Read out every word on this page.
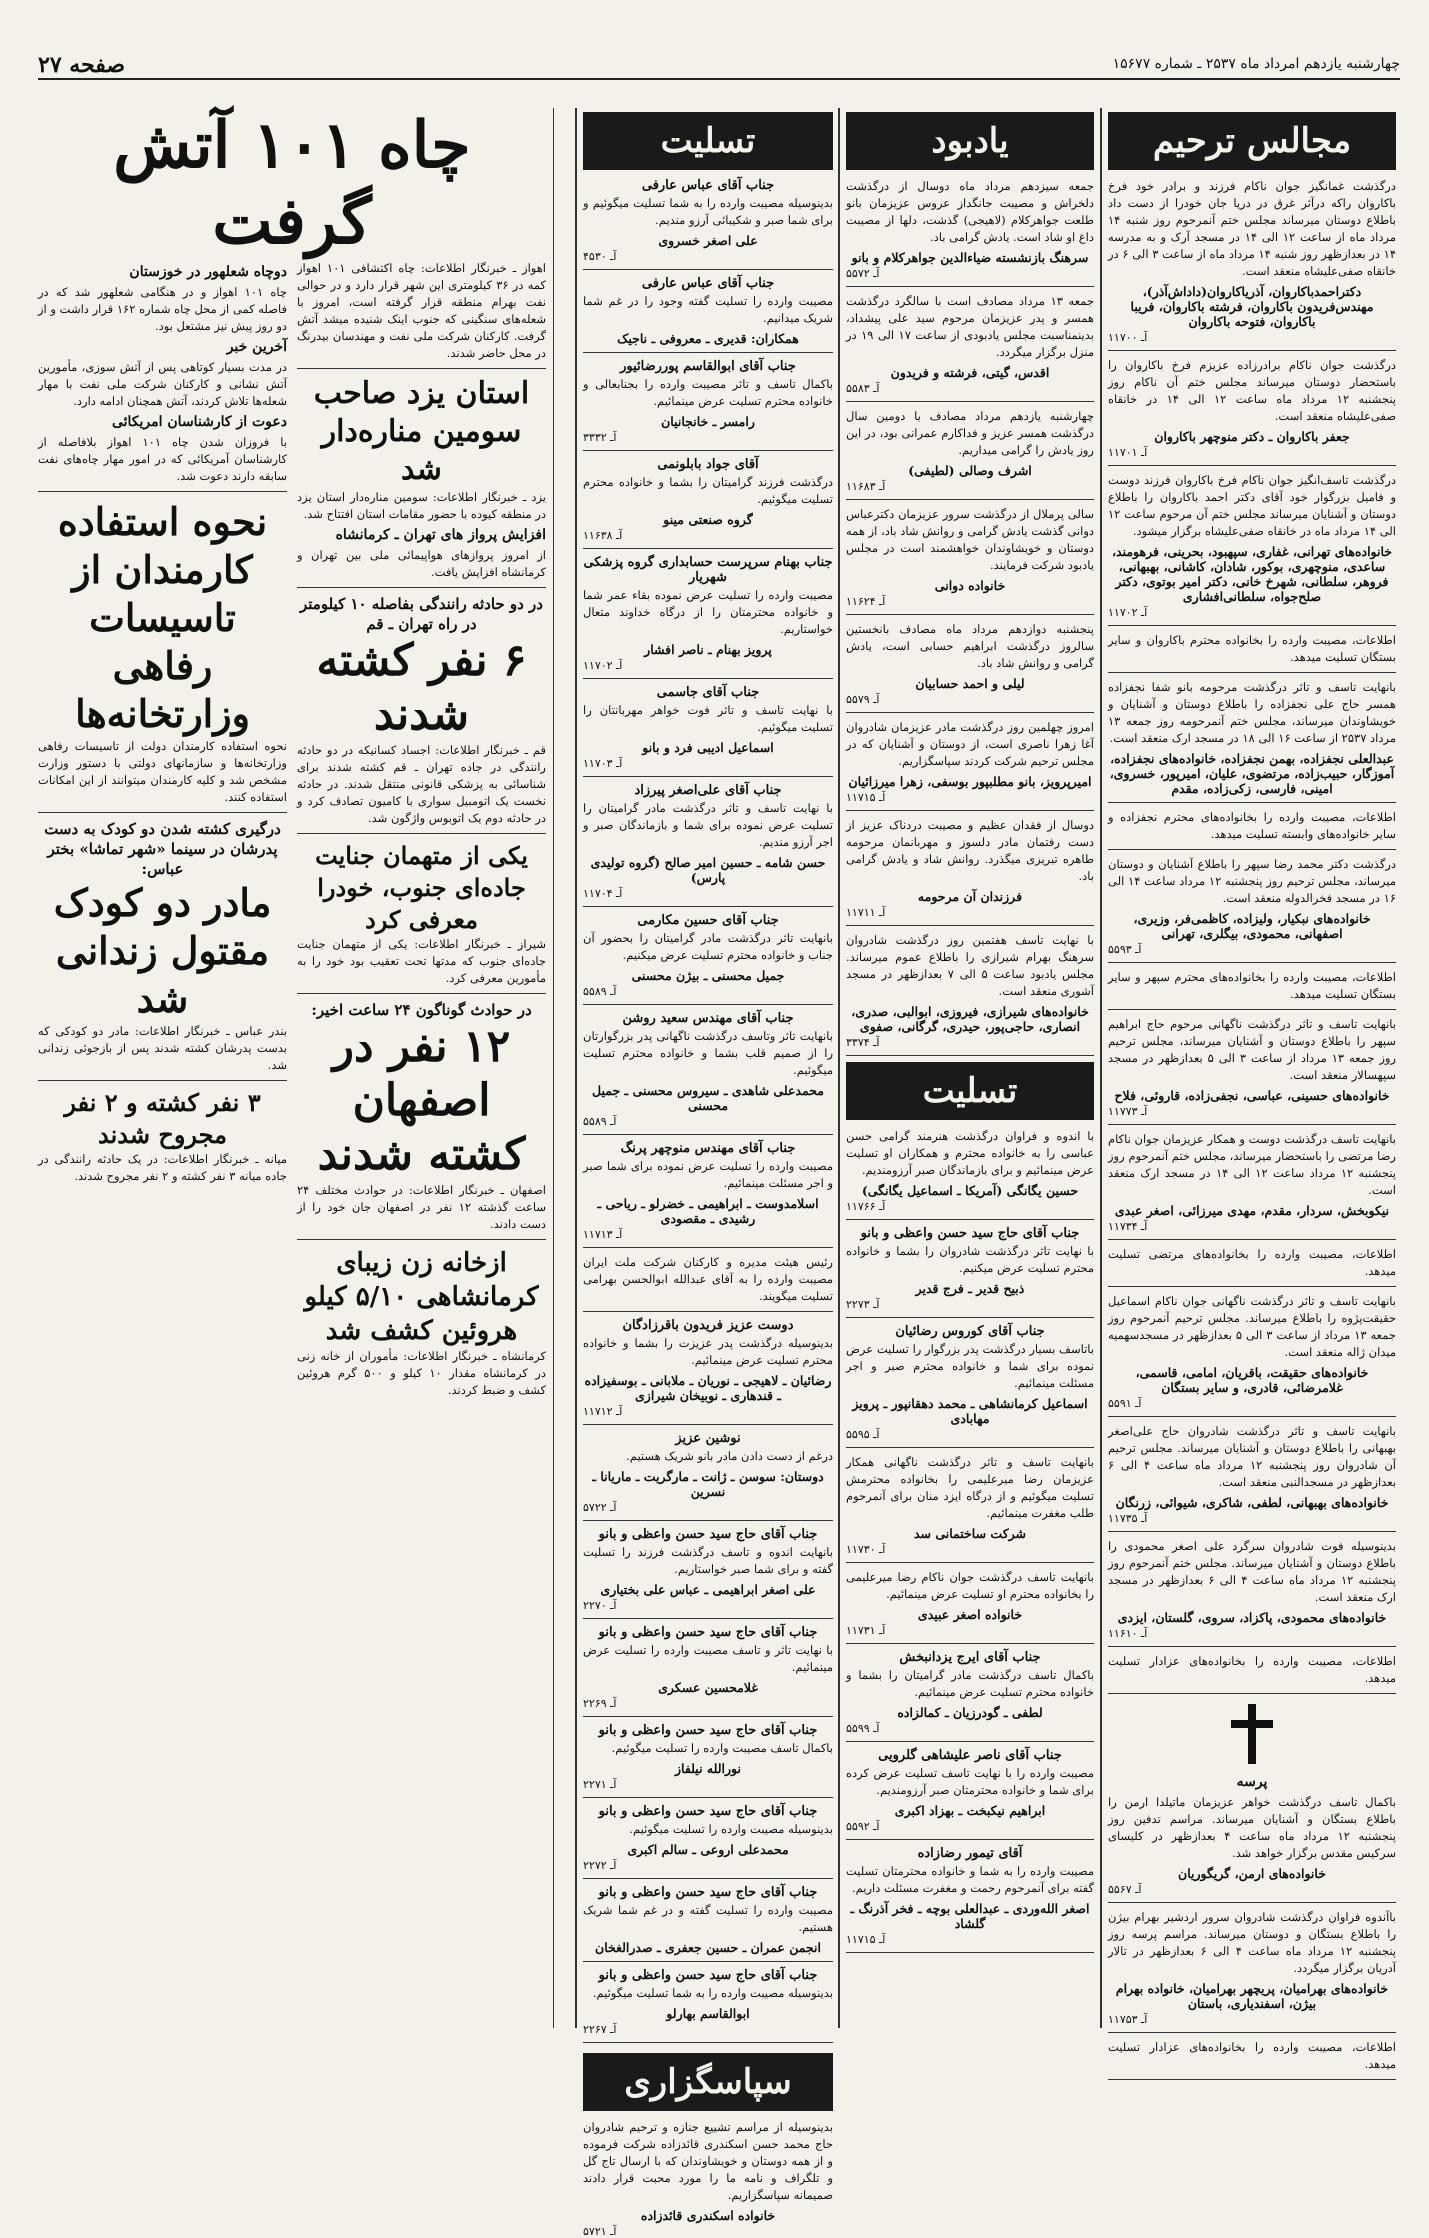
صفحه ۲۷	چهارشنبه یازدهم امرداد ماه ۲۵۳۷ ـ شماره ۱۵۶۷۷
مجالس ترحیم
درگذشت غمانگیز جوان ناکام فرزند و برادر خود فرخ باکاروان راکه درآثر غرق در دریا جان خودرا از دست داد باطلاع دوستان میرساند مجلس ختم آنمرحوم روز شنبه ۱۴ مرداد ماه از ساعت ۱۲ الی ۱۴ در مسجد آرک و به مدرسه ۱۴ در بعدازظهر روز شنبه ۱۴ مرداد ماه از ساعت ۳ الی ۶ در خانقاه صفی‌علیشاه منعقد است.
دکتراحمدباکاروان، آذریاکاروان(داداش‌آذر)، مهندس‌فریدون باکاروان، فرشته باکاروان، فریبا باکاروان، فتوحه باکاروان
آـ ۱۱۷۰۰
درگذشت جوان ناکام برادرزاده عزیزم فرخ باکاروان را باستحضار دوستان میرساند مجلس ختم آن ناکام روز پنجشنبه ۱۲ مرداد ماه ساعت ۱۲ الی ۱۴ در خانقاه صفی‌علیشاه منعقد است.
جعفر باکاروان ـ دکتر منوچهر باکاروان
آـ ۱۱۷۰۱
درگذشت تاسف‌انگیز جوان ناکام فرخ باکاروان فرزند دوست و فامیل بزرگوار خود آقای دکتر احمد باکاروان را باطلاع دوستان و آشنایان میرساند مجلس ختم آن مرحوم ساعت ۱۲ الی ۱۴ مرداد ماه در خانقاه صفی‌علیشاه برگزار میشود.
خانواده‌های تهرانی، غفاری، سپهبود، بحرینی، فرهومند، ساعدی، منوچهری، بوکور، شادان، کاشانی، بهبهانی، فروهر، سلطانی، شهرخ خانی، دکتر امیر بوتوی، دکتر صلح‌جواه، سلطانی‌افشاری
آـ ۱۱۷۰۲
اطلاعات، مصیبت وارده را بخانواده محترم باکاروان و سایر بستگان تسلیت میدهد.
بانهایت تاسف و تاثر درگذشت مرحومه بانو شفا نجفزاده همسر حاج علی نجفزاده را باطلاع دوستان و آشنایان و خویشاوندان میرساند، مجلس ختم آنمرحومه روز جمعه ۱۳ مرداد ۲۵۳۷ از ساعت ۱۶ الی ۱۸ در مسجد ارک منعقد است.
عبدالعلی نجفزاده، بهمن نجفزاده، خانواده‌های نجفزاده، آموزگار، حبیب‌زاده، مرتضوی، علیان، امیرپور، خسروی، امینی، فارسی، زکی‌زاده، مقدم
اطلاعات، مصیبت وارده را بخانواده‌های محترم نجفزاده و سایر خانواده‌های وابسته تسلیت میدهد.
درگذشت دکتر محمد رضا سپهر را باطلاع آشنایان و دوستان میرساند، مجلس ترحیم روز پنجشنبه ۱۲ مرداد ساعت ۱۴ الی ۱۶ در مسجد فخرالدوله منعقد است.
خانواده‌های نبکیار، ولیزاده، کاظمی‌فر، وزیری، اصفهانی، محمودی، بیگلری، تهرانی
آـ ۵۵۹۳
اطلاعات، مصیبت وارده را بخانواده‌های محترم سپهر و سایر بستگان تسلیت میدهد.
بانهایت تاسف و تاثر درگذشت ناگهانی مرحوم حاج ابراهیم سپهر را باطلاع دوستان و آشنایان میرساند، مجلس ترحیم روز جمعه ۱۳ مرداد از ساعت ۳ الی ۵ بعدازظهر در مسجد سپهسالار منعقد است.
خانواده‌های حسینی، عباسی، نجفی‌زاده، قاروئی، فلاح
آـ ۱۱۷۷۳
بانهایت تاسف درگذشت دوست و همکار عزیزمان جوان ناکام رضا مرتضی را باستحضار میرساند، مجلس ختم آنمرحوم روز پنجشنبه ۱۲ مرداد ساعت ۱۲ الی ۱۴ در مسجد ارک منعقد است.
نیکوبخش، سردار، مقدم، مهدی میرزائی، اصغر عبدی
آـ ۱۱۷۳۴
اطلاعات، مصیبت وارده را بخانواده‌های مرتضی تسلیت میدهد.
بانهایت تاسف و تاثر درگذشت ناگهانی جوان ناکام اسماعیل حقیقت‌پژوه را باطلاع میرساند. مجلس ترحیم آنمرحوم روز جمعه ۱۳ مرداد از ساعت ۳ الی ۵ بعدازظهر در مسجدسهمیه میدان ژاله منعقد است.
خانواده‌های حقیقت، باقریان، امامی، قاسمی، غلامرضائی، قادری، و سایر بستگان
آـ ۵۵۹۱
بانهایت تاسف و تاثر درگذشت شادروان حاج علی‌اصغر بهبهانی را باطلاع دوستان و آشنایان میرساند. مجلس ترحیم آن شادروان روز پنجشنبه ۱۲ مرداد ماه ساعت ۴ الی ۶ بعدازظهر در مسجدالنبی منعقد است.
خانواده‌های بهبهانی، لطفی، شاکری، شیوائی، زرنگان
آـ ۱۱۷۳۵
بدینوسیله فوت شادروان سرگرد علی اصغر محمودی را باطلاع دوستان و آشنایان میرساند. مجلس ختم آنمرحوم روز پنجشنبه ۱۲ مرداد ماه ساعت ۴ الی ۶ بعدازظهر در مسجد ارک منعقد است.
خانواده‌های محمودی، پاکزاد، سروی، گلستان، ایزدی
آـ ۱۱۶۱۰
اطلاعات، مصیبت وارده را بخانواده‌های عزادار تسلیت میدهد.
پرسه
باکمال تاسف درگذشت خواهر عزیزمان ماتیلدا ارمن را باطلاع بستگان و آشنایان میرساند. مراسم تدفین روز پنجشنبه ۱۲ مرداد ماه ساعت ۴ بعدازظهر در کلیسای سرکیس مقدس برگزار خواهد شد.
خانواده‌های ارمن، گریگوریان
آـ ۵۵۶۷
باآندوه فراوان درگذشت شادروان سرور اردشیر بهرام بیژن را باطلاع بستگان و دوستان میرساند. مراسم پرسه روز پنجشنبه ۱۲ مرداد ماه ساعت ۴ الی ۶ بعدازظهر در تالار آدریان برگزار میگردد.
خانواده‌های بهرامیان، پریچهر بهرامیان، خانواده بهرام بیژن، اسفندیاری، باستان
آـ ۱۱۷۵۳
اطلاعات، مصیبت وارده را بخانواده‌های عزادار تسلیت میدهد.
یادبود
جمعه سیزدهم مرداد ماه دوسال از درگذشت دلخراش و مصیبت جانگداز عروس عزیزمان بانو طلعت جواهرکلام (لاهیجی) گذشت، دلها از مصیبت داغ او شاد است. یادش گرامی باد.
سرهنگ بازنشسته ضیاءالدین جواهرکلام و بانو
آـ ۵۵۷۲
جمعه ۱۳ مرداد مصادف است با سالگرد درگذشت همسر و پدر عزیزمان مرحوم سید علی پیشداد، بدینمناسبت مجلس یادبودی از ساعت ۱۷ الی ۱۹ در منزل برگزار میگردد.
اقدس، گیتی، فرشته و فریدون
آـ ۵۵۸۳
چهارشنبه یازدهم مرداد مصادف با دومین سال درگذشت همسر عزیز و فداکارم عمرانی بود، در این روز یادش را گرامی میداریم.
اشرف وصالی (لطیفی)
آـ ۱۱۶۸۳
سالی پرملال از درگذشت سرور عزیزمان دکترعباس دوانی گذشت یادش گرامی و روانش شاد باد، از همه دوستان و خویشاوندان خواهشمند است در مجلس یادبود شرکت فرمایند.
خانواده دوانی
آـ ۱۱۶۲۴
پنجشنبه دوازدهم مرداد ماه مصادف بانخستین سالروز درگذشت ابراهیم حسابی است، یادش گرامی و روانش شاد باد.
لیلی و احمد حسابیان
آـ ۵۵۷۹
امروز چهلمین روز درگذشت مادر عزیزمان شادروان آغا زهرا ناصری است، از دوستان و آشنایان که در مجلس ترحیم شرکت کردند سپاسگزاریم.
امیرپرویز، بانو مطلبپور بوسفی، زهرا میرزائیان
آـ ۱۱۷۱۵
دوسال از فقدان عظیم و مصیبت دردناک عزیز از دست رفتمان مادر دلسوز و مهربانمان مرحومه طاهره تبریزی میگذرد. روانش شاد و یادش گرامی باد.
فرزندان آن مرحومه
آـ ۱۱۷۱۱
با نهایت تاسف هفتمین روز درگذشت شادروان سرهنگ بهرام شیرازی را باطلاع عموم میرساند. مجلس یادبود ساعت ۵ الی ۷ بعدازظهر در مسجد آشوری منعقد است.
خانواده‌های شیرازی، فیروزی، ابوالبی، صدری، انصاری، حاجی‌پور، حیدری، گرگانی، صفوی
آـ ۳۳۷۴
تسلیت
با اندوه و فراوان درگذشت هنرمند گرامی حسن عباسی را به خانواده محترم و همکاران او تسلیت عرض مینمائیم و برای بازماندگان صبر آرزومندیم.
حسین یگانگی (آمریکا ـ اسماعیل یگانگی)
آـ ۱۱۷۶۶
جناب آقای حاج سید حسن واعظی و بانو
با نهایت تاثر درگذشت شادروان را بشما و خانواده محترم تسلیت عرض میکنیم.
ذبیح قدیر ـ فرج قدیر
آـ ۲۲۷۳
جناب آقای کوروس رضائیان
باتاسف بسیار درگذشت پدر بزرگوار را تسلیت عرض نموده برای شما و خانواده محترم صبر و اجر مسئلت مینمائیم.
اسماعیل کرمانشاهی ـ محمد دهقانپور ـ پرویز مهابادی
آـ ۵۵۹۵
بانهایت تاسف و تاثر درگذشت ناگهانی همکار عزیزمان رضا میرعلیمی را بخانواده محترمش تسلیت میگوئیم و از درگاه ایزد منان برای آنمرحوم طلب مغفرت مینمائیم.
شرکت ساختمانی سد
آـ ۱۱۷۳۰
بانهایت تاسف درگذشت جوان ناکام رضا میرعلیمی را بخانواده محترم او تسلیت عرض مینمائیم.
خانواده اصغر عبیدی
آـ ۱۱۷۳۱
جناب آقای ایرج یزدانبخش
باکمال تاسف درگذشت مادر گرامیتان را بشما و خانواده محترم تسلیت عرض مینمائیم.
لطفی ـ گودرزیان ـ کمالزاده
آـ ۵۵۹۹
جناب آقای ناصر علیشاهی گلرویی
مصیبت وارده را با نهایت تاسف تسلیت عرض کرده برای شما و خانواده محترمتان صبر آرزومندیم.
ابراهیم نیکبخت ـ بهزاد اکبری
آـ ۵۵۹۲
آقای تیمور رضازاده
مصیبت وارده را به شما و خانواده محترمتان تسلیت گفته برای آنمرحوم رحمت و مغفرت مسئلت داریم.
اصغر الله‌وردی ـ عبدالعلی بوچه ـ فخر آذرنگ ـ گلشاد
آـ ۱۱۷۱۵
تسلیت
جناب آقای عباس عارفی
بدینوسیله مصیبت وارده را به شما تسلیت میگوئیم و برای شما صبر و شکیبائی آرزو مندیم.
علی اصغر خسروی
آـ ۴۵۳۰
جناب آقای عباس عارفی
مصیبت وارده را تسلیت گفته وجود را در غم شما شریک میدانیم.
همکاران: قدیری ـ معروفی ـ ناجیک
جناب آقای ابوالقاسم پوررضائیور
باکمال تاسف و تاثر مصیبت وارده را بجنابعالی و خانواده محترم تسلیت عرض مینمائیم.
رامسر ـ خانجانیان
آـ ۳۳۳۲
آقای جواد بابلونمی
درگذشت فرزند گرامیتان را بشما و خانواده محترم تسلیت میگوئیم.
گروه صنعتی مینو
آـ ۱۱۶۳۸
جناب بهنام سرپرست حسابداری گروه پزشکی شهریار
مصیبت وارده را تسلیت عرض نموده بقاء عمر شما و خانواده محترمتان را از درگاه خداوند متعال خواستاریم.
پرویز بهنام ـ ناصر افشار
آـ ۱۱۷۰۲
جناب آقای جاسمی
با نهایت تاسف و تاثر فوت خواهر مهربانتان را تسلیت میگوئیم.
اسماعیل ادیبی فرد و بانو
آـ ۱۱۷۰۳
جناب آقای علی‌اصغر پیرزاد
با نهایت تاسف و تاثر درگذشت مادر گرامیتان را تسلیت عرض نموده برای شما و بازماندگان صبر و اجر آرزو مندیم.
حسن شامه ـ حسین امیر صالح (گروه تولیدی پارس)
آـ ۱۱۷۰۴
جناب آقای حسین مکارمی
بانهایت تاثر درگذشت مادر گرامیتان را بحضور آن جناب و خانواده محترم تسلیت عرض میکنیم.
جمیل محسنی ـ بیژن محسنی
آـ ۵۵۸۹
جناب آقای مهندس سعید روشن
بانهایت تاثر وتاسف درگذشت ناگهانی پدر بزرگوارتان را از صمیم قلب بشما و خانواده محترم تسلیت میگوئیم.
محمدعلی شاهدی ـ سیروس محسنی ـ جمیل محسنی
آـ ۵۵۸۹
جناب آقای مهندس منوچهر پرنگ
مصیبت وارده را تسلیت عرض نموده برای شما صبر و اجر مسئلت مینمائیم.
اسلامدوست ـ ابراهیمی ـ خضرلو ـ ریاحی ـ رشیدی ـ مقصودی
آـ ۱۱۷۱۳
رئیس هیئت مدیره و کارکنان شرکت ملت ایران مصیبت وارده را به آقای عبدالله ابوالحسن بهرامی تسلیت میگویند.
دوست عزیز فریدون باقرزادگان
بدینوسیله درگذشت پدر عزیزت را بشما و خانواده محترم تسلیت عرض مینمائیم.
رضائیان ـ لاهیجی ـ نوریان ـ ملابانی ـ بوسفیزاده ـ قندهاری ـ نوبیخان شیرازی
آـ ۱۱۷۱۲
نوشین عزیز
درغم از دست دادن مادر بانو شریک هستیم.
دوستان: سوسن ـ ژانت ـ مارگریت ـ ماریانا ـ نسرین
آـ ۵۷۲۲
جناب آقای حاج سید حسن واعظی و بانو
بانهایت اندوه و تاسف درگذشت فرزند را تسلیت گفته و برای شما صبر خواستاریم.
علی اصغر ابراهیمی ـ عباس علی بختیاری
آـ ۲۲۷۰
جناب آقای حاج سید حسن واعظی و بانو
با نهایت تاثر و تاسف مصیبت وارده را تسلیت عرض مینمائیم.
غلامحسین عسکری
آـ ۲۲۶۹
جناب آقای حاج سید حسن واعظی و بانو
باکمال تاسف مصیبت وارده را تسلیت میگوئیم.
نورالله نیلفاز
آـ ۲۲۷۱
جناب آقای حاج سید حسن واعظی و بانو
بدینوسیله مصیبت وارده را تسلیت میگوئیم.
محمدعلی اروعی ـ سالم اکبری
آـ ۲۲۷۲
جناب آقای حاج سید حسن واعظی و بانو
مصیبت وارده را تسلیت گفته و در غم شما شریک هستیم.
انجمن عمران ـ حسین جعفری ـ صدرالغخان
جناب آقای حاج سید حسن واعظی و بانو
بدینوسیله مصیبت وارده را به شما تسلیت میگوئیم.
ابوالقاسم بهارلو
آـ ۲۲۶۷
سپاسگزاری
بدینوسیله از مراسم تشییع جنازه و ترحیم شادروان حاج محمد حسن اسکندری قائدزاده شرکت فرموده و از همه دوستان و خویشاوندان که با ارسال تاج گل و تلگراف و نامه ما را مورد محبت قرار دادند صمیمانه سپاسگزاریم.
خانواده اسکندری قائدزاده
آـ ۵۷۲۱
چاه ۱۰۱ آتش گرفت
اهواز ـ خبرنگار اطلاعات: چاه اکتشافی ۱۰۱ اهواز کمه در ۳۶ کیلومتری این شهر قرار دارد و در حوالی نفت بهرام منطقه قرار گرفته است، امروز با شعله‌های سنگینی که جنوب اینک شنیده میشد آتش گرفت. کارکنان شرکت ملی نفت و مهندسان بیدرنگ در محل حاضر شدند.
استان یزد صاحب سومین مناره‌دار شد
یزد ـ خبرنگار اطلاعات: سومین مناره‌دار استان یزد در منطقه کیوده با حضور مقامات استان افتتاح شد.
افزایش پرواز های تهران ـ کرمانشاه
از امروز پروازهای هواپیمائی ملی بین تهران و کرمانشاه افزایش یافت.
در دو حادثه رانندگی بفاصله ۱۰ کیلومتر در راه تهران ـ قم
۶ نفر کشته شدند
قم ـ خبرنگار اطلاعات: اجساد کسانیکه در دو حادثه رانندگی در جاده تهران ـ قم کشته شدند برای شناسائی به پزشکی قانونی منتقل شدند. در حادثه نخست یک اتومبیل سواری با کامیون تصادف کرد و در حادثه دوم یک اتوبوس واژگون شد.
یکی از متهمان جنایت جاده‌ای جنوب، خودرا معرفی کرد
شیراز ـ خبرنگار اطلاعات: یکی از متهمان جنایت جاده‌ای جنوب که مدتها تحت تعقیب بود خود را به مأمورین معرفی کرد.
در حوادث گوناگون ۲۴ ساعت اخیر:
۱۲ نفر در اصفهان کشته شدند
اصفهان ـ خبرنگار اطلاعات: در حوادث مختلف ۲۴ ساعت گذشته ۱۲ نفر در اصفهان جان خود را از دست دادند.
ازخانه زن زیبای کرمانشاهی ۵/۱۰ کیلو هروئین کشف شد
کرمانشاه ـ خبرنگار اطلاعات: مأموران از خانه زنی در کرمانشاه مقدار ۱۰ کیلو و ۵۰۰ گرم هروئین کشف و ضبط کردند.
دوچاه شعلهور در خوزستان
چاه ۱۰۱ اهواز و در هنگامی شعلهور شد که در فاصله کمی از محل چاه شماره ۱۶۲ قرار داشت و از دو روز پیش نیز مشتعل بود.
آخرین خبر
در مدت بسیار کوتاهی پس از آتش سوزی، مأمورین آتش نشانی و کارکنان شرکت ملی نفت با مهار شعله‌ها تلاش کردند، آتش همچنان ادامه دارد.
دعوت از کارشناسان امریکائی
با فروزان شدن چاه ۱۰۱ اهواز بلافاصله از کارشناسان آمریکائی که در امور مهار چاه‌های نفت سابقه دارند دعوت شد.
نحوه استفاده کارمندان از تاسیسات رفاهی وزارتخانه‌ها
نحوه استفاده کارمندان دولت از تاسیسات رفاهی وزارتخانه‌ها و سازمانهای دولتی با دستور وزارت مشخص شد و کلیه کارمندان میتوانند از این امکانات استفاده کنند.
درگیری کشته شدن دو کودک به دست پدرشان در سینما «شهر تماشا» بختر عباس:
مادر دو کودک مقتول زندانی شد
بندر عباس ـ خبرنگار اطلاعات: مادر دو کودکی که بدست پدرشان کشته شدند پس از بازجوئی زندانی شد.
۳ نفر کشته و ۲ نفر مجروح شدند
میانه ـ خبرنگار اطلاعات: در یک حادثه رانندگی در جاده میانه ۳ نفر کشته و ۲ نفر مجروح شدند.
